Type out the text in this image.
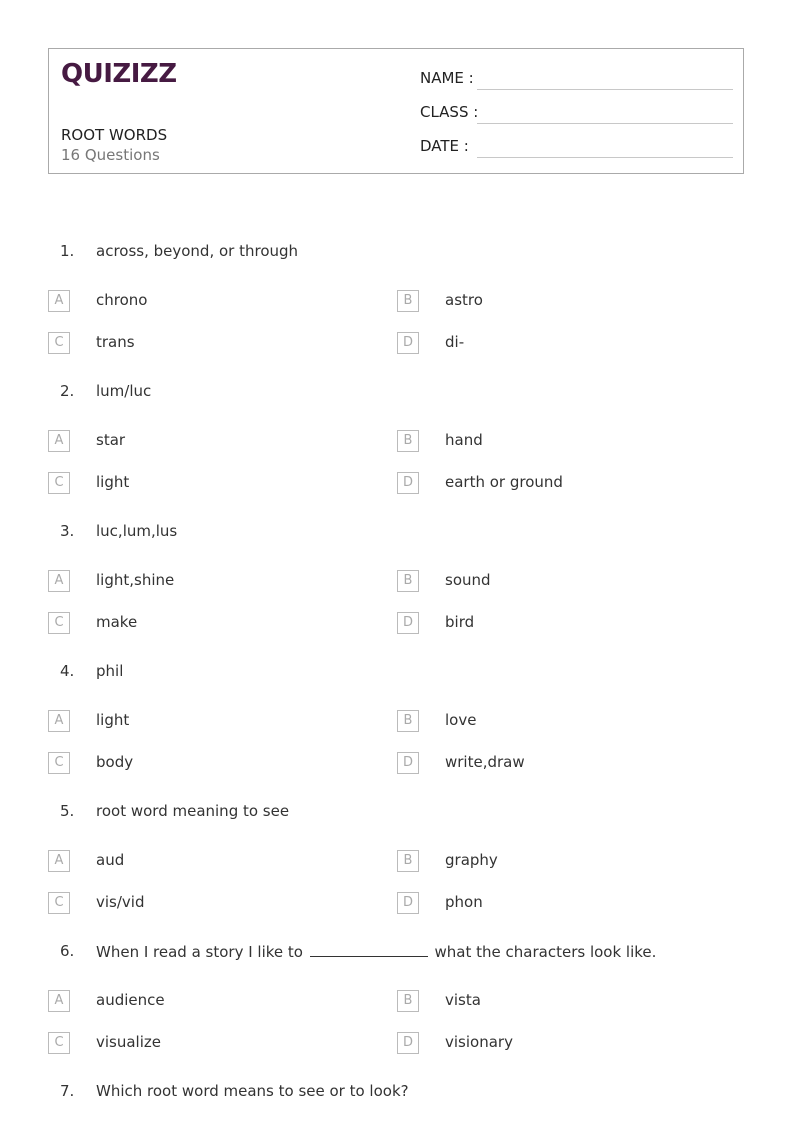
QUIZIZZ
ROOT WORDS
16 Questions
NAME :
CLASS :
DATE :
1. across, beyond, or through
A	chrono	B	astro
C	trans	D	di-
2. lum/luc
A	star	B	hand
C	light	D	earth or ground
3. luc,lum,lus
A	light,shine	B	sound
C	make	D	bird
4. phil
A	light	B	love
C	body	D	write,draw
5. root word meaning to see
A	aud	B	graphy
C	vis/vid	D	phon
6. When I read a story I like to	what the characters look like.
A	audience	B	vista
C	visualize	D	visionary
7. Which root word means to see or to look?
